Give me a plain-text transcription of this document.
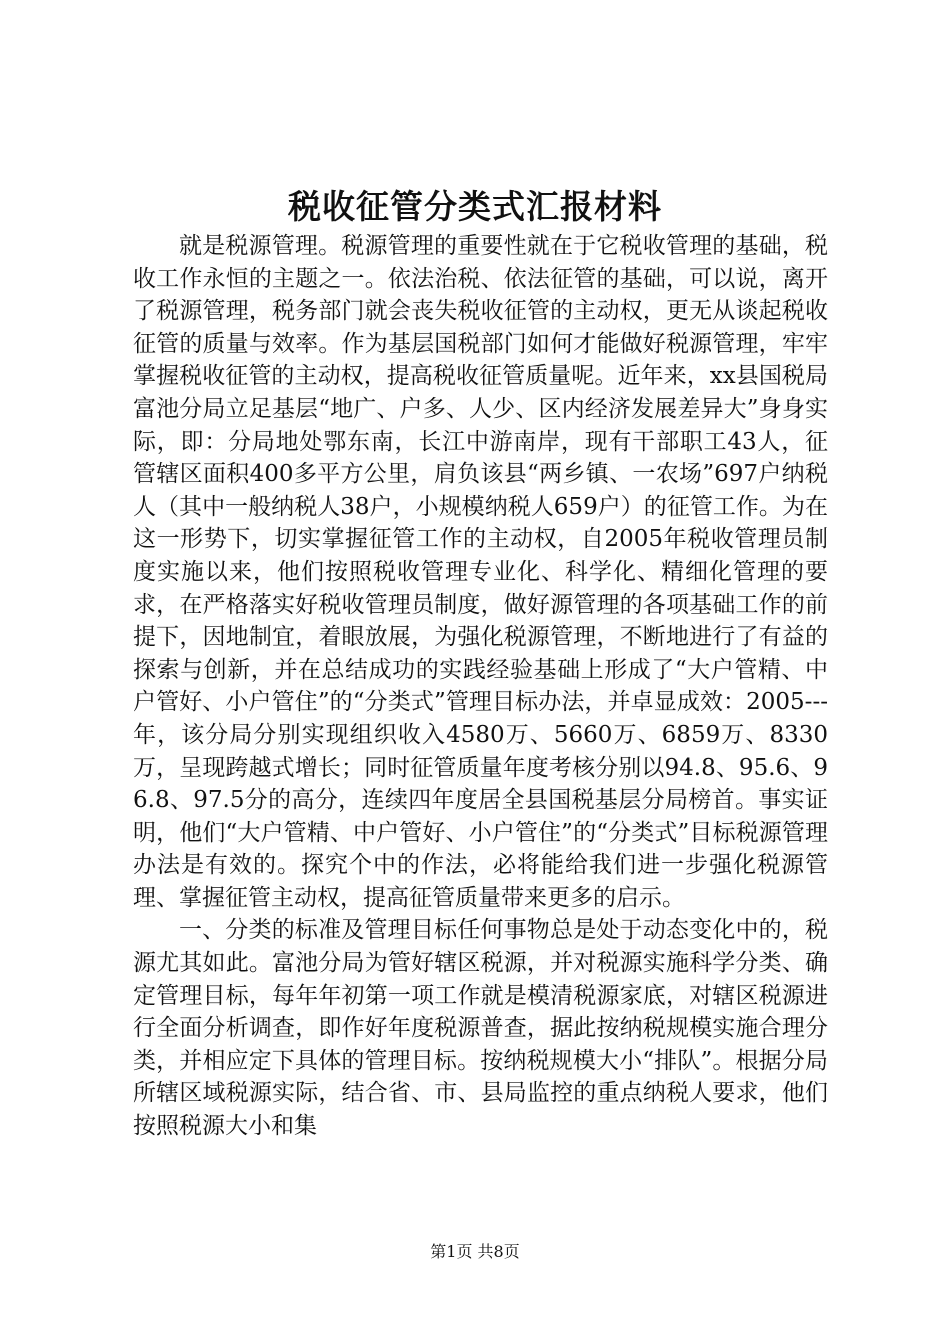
税收征管分类式汇报材料

就是税源管理。税源管理的重要性就在于它税收管理的基础，税收工作永恒的主题之一。依法治税、依法征管的基础，可以说，离开了税源管理，税务部门就会丧失税收征管的主动权，更无从谈起税收征管的质量与效率。作为基层国税部门如何才能做好税源管理，牢牢掌握税收征管的主动权，提高税收征管质量呢。近年来，xx县国税局富池分局立足基层“地广、户多、人少、区内经济发展差异大”身身实际，即：分局地处鄂东南，长江中游南岸，现有干部职工43人，征管辖区面积400多平方公里，肩负该县“两乡镇、一农场”697户纳税人（其中一般纳税人38户，小规模纳税人659户）的征管工作。为在这一形势下，切实掌握征管工作的主动权，自2005年税收管理员制度实施以来，他们按照税收管理专业化、科学化、精细化管理的要求，在严格落实好税收管理员制度，做好源管理的各项基础工作的前提下，因地制宜，着眼放展，为强化税源管理，不断地进行了有益的探索与创新，并在总结成功的实践经验基础上形成了“大户管精、中户管好、小户管住”的“分类式”管理目标办法，并卓显成效：2005---年，该分局分别实现组织收入4580万、5660万、6859万、8330万，呈现跨越式增长；同时征管质量年度考核分别以94.8、95.6、96.8、97.5分的高分，连续四年度居全县国税基层分局榜首。事实证明，他们“大户管精、中户管好、小户管住”的“分类式”目标税源管理办法是有效的。探究个中的作法，必将能给我们进一步强化税源管理、掌握征管主动权，提高征管质量带来更多的启示。

一、分类的标准及管理目标任何事物总是处于动态变化中的，税源尤其如此。富池分局为管好辖区税源，并对税源实施科学分类、确定管理目标，每年年初第一项工作就是模清税源家底，对辖区税源进行全面分析调查，即作好年度税源普查，据此按纳税规模实施合理分类，并相应定下具体的管理目标。按纳税规模大小“排队”。根据分局所辖区域税源实际，结合省、市、县局监控的重点纳税人要求，他们按照税源大小和集

第1页 共8页
